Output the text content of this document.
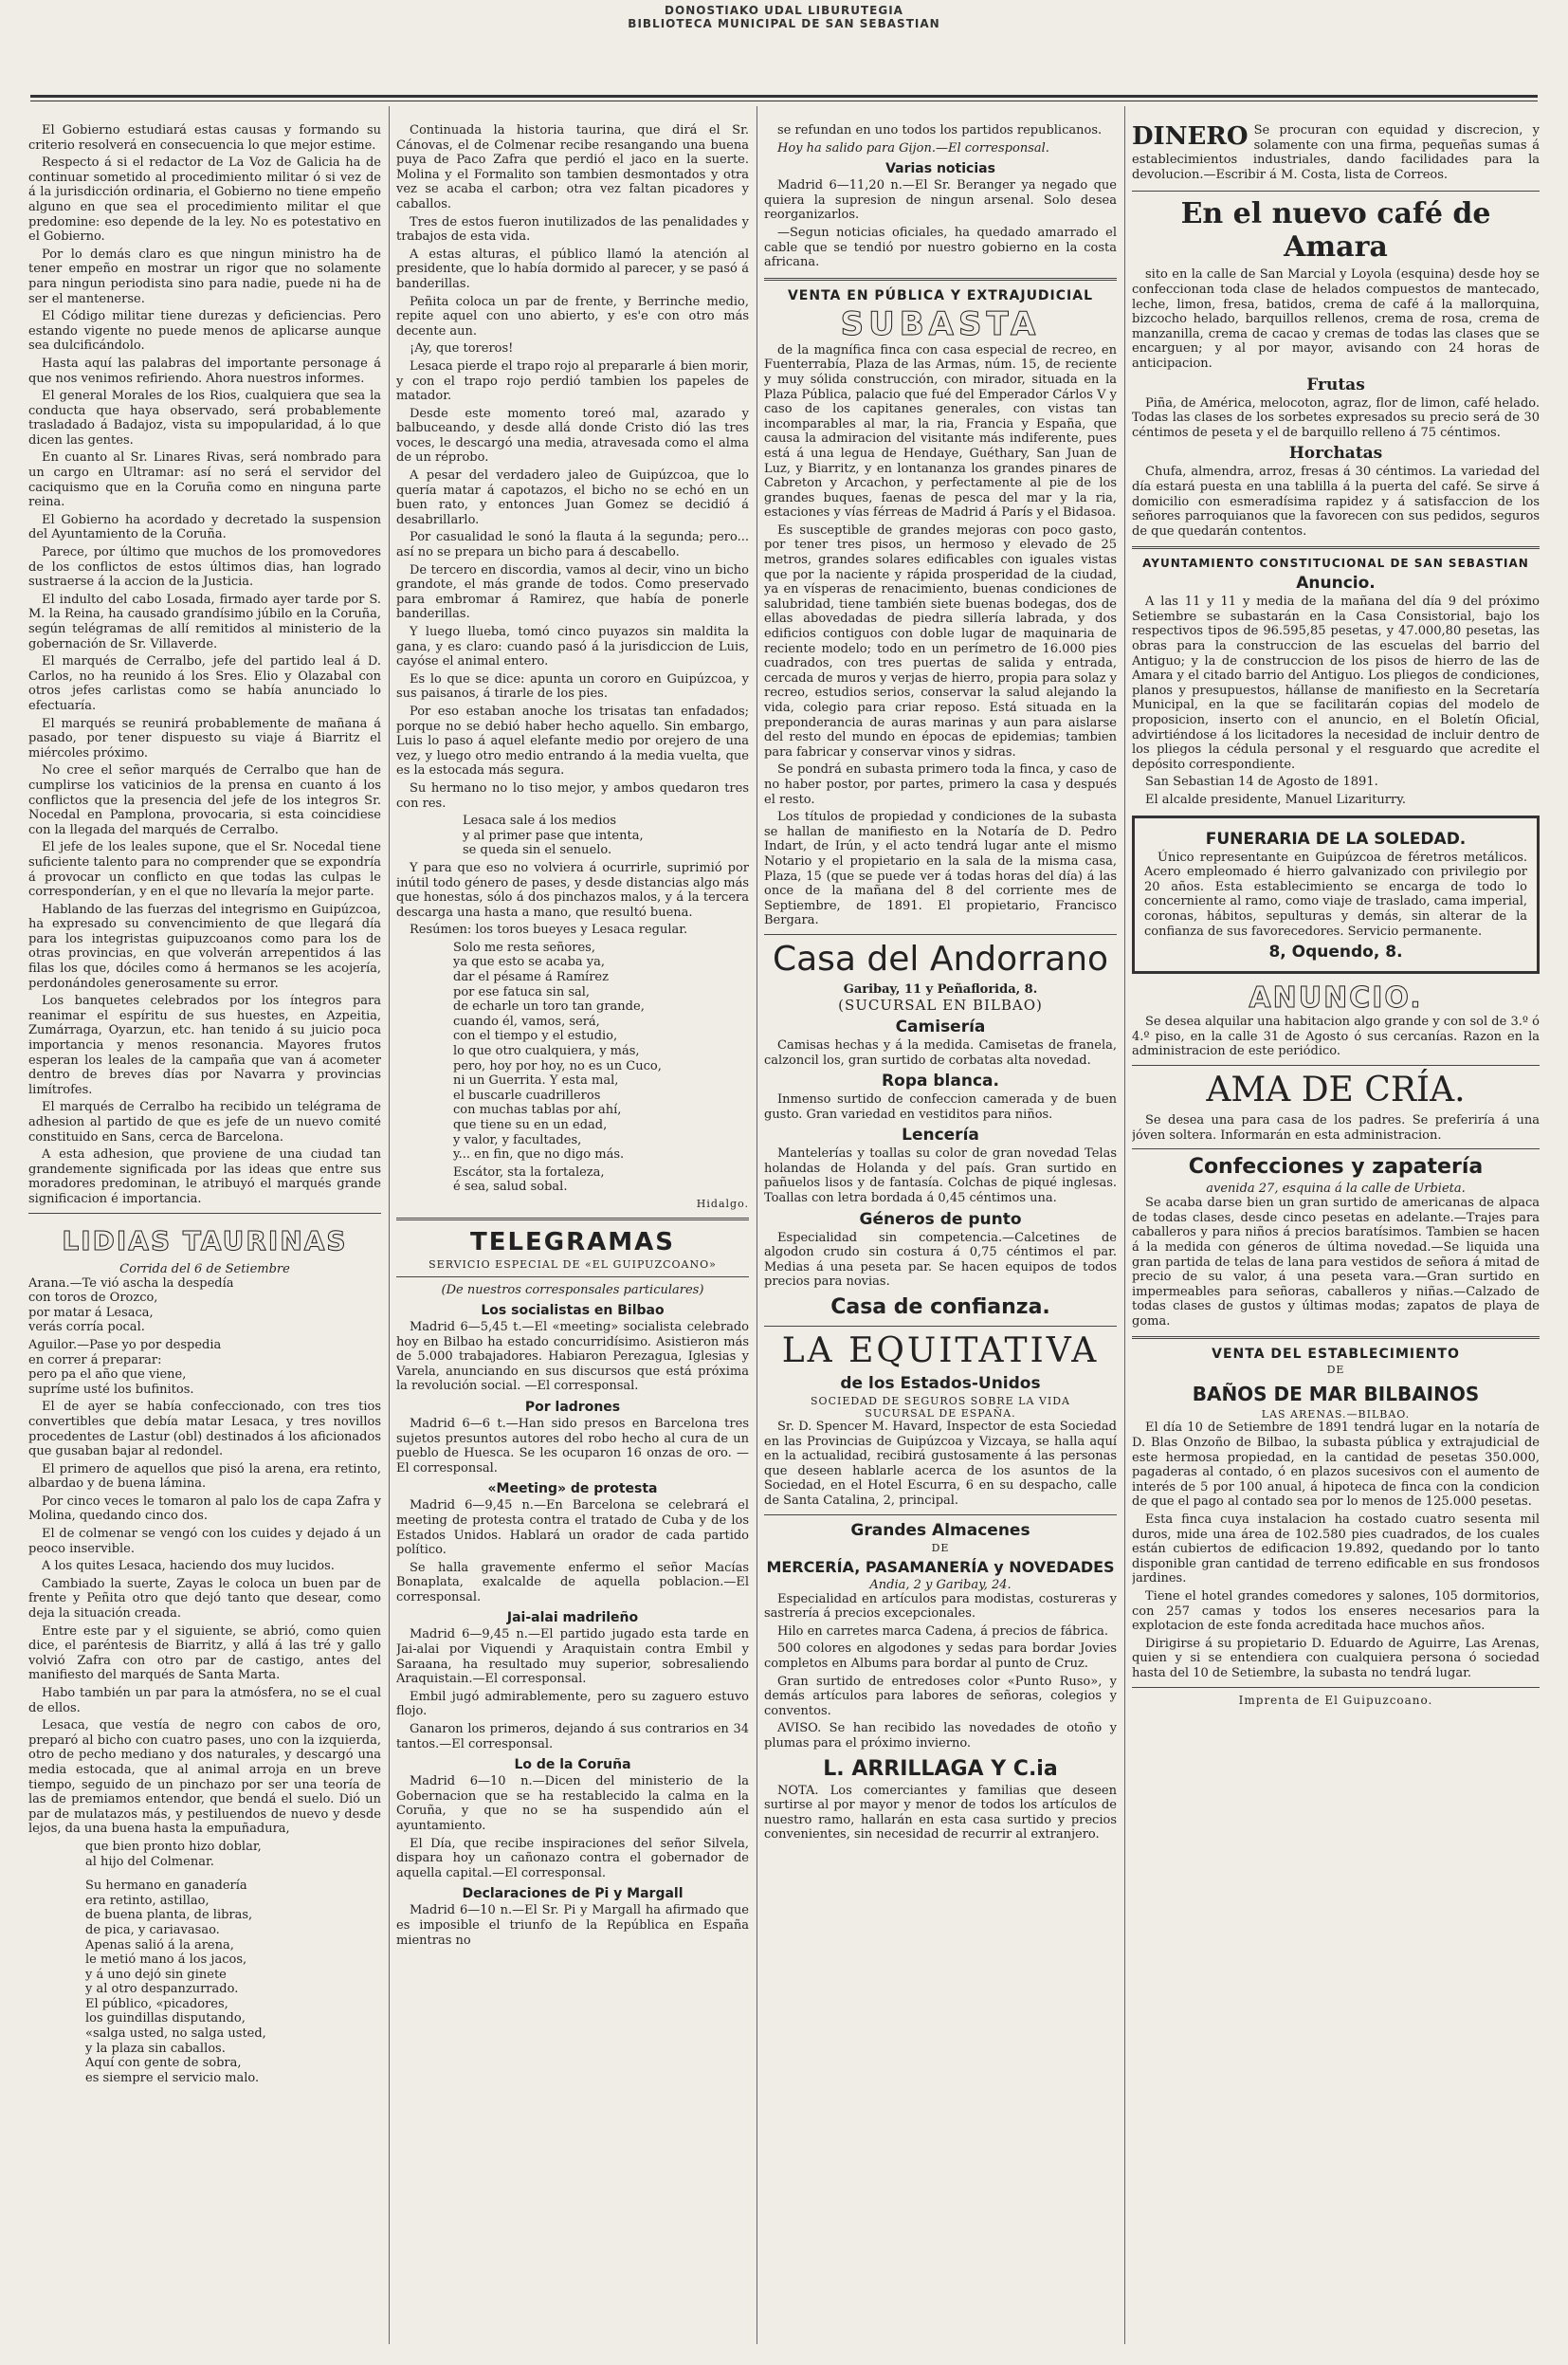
DONOSTIAKO UDAL LIBURUTEGIA
BIBLIOTECA MUNICIPAL DE SAN SEBASTIAN

El Gobierno estudiará estas causas y formando su criterio resolverá en consecuencia lo que mejor estime.

Respecto á si el redactor de La Voz de Galicia ha de continuar sometido al procedimiento militar ó si vez de á la jurisdicción ordinaria, el Gobierno no tiene empeño alguno en que sea el procedimiento militar el que predomine: eso depende de la ley. No es potestativo en el Gobierno.

Por lo demás claro es que ningun ministro ha de tener empeño en mostrar un rigor que no solamente para ningun periodista sino para nadie, puede ni ha de ser el mantenerse.

El Código militar tiene durezas y deficiencias. Pero estando vigente no puede menos de aplicarse aunque sea dulcificándolo.

Hasta aquí las palabras del importante personage á que nos venimos refiriendo. Ahora nuestros informes.

El general Morales de los Rios, cualquiera que sea la conducta que haya observado, será probablemente trasladado á Badajoz, vista su impopularidad, á lo que dicen las gentes.

En cuanto al Sr. Linares Rivas, será nombrado para un cargo en Ultramar: así no será el servidor del caciquismo que en la Coruña como en ninguna parte reina.

El Gobierno ha acordado y decretado la suspension del Ayuntamiento de la Coruña.

Parece, por último que muchos de los promovedores de los conflictos de estos últimos dias, han logrado sustraerse á la accion de la Justicia.

El indulto del cabo Losada, firmado ayer tarde por S. M. la Reina, ha causado grandísimo júbilo en la Coruña, según telégramas de allí remitidos al ministerio de la gobernación de Sr. Villaverde.

El marqués de Cerralbo, jefe del partido leal á D. Carlos, no ha reunido á los Sres. Elio y Olazabal con otros jefes carlistas como se había anunciado lo efectuaría.

El marqués se reunirá probablemente de mañana á pasado, por tener dispuesto su viaje á Biarritz el miércoles próximo.

No cree el señor marqués de Cerralbo que han de cumplirse los vaticinios de la prensa en cuanto á los conflictos que la presencia del jefe de los integros Sr. Nocedal en Pamplona, provocaria, si esta coincidiese con la llegada del marqués de Cerralbo.

El jefe de los leales supone, que el Sr. Nocedal tiene suficiente talento para no comprender que se expondría á provocar un conflicto en que todas las culpas le corresponderían, y en el que no llevaría la mejor parte.

Hablando de las fuerzas del integrismo en Guipúzcoa, ha expresado su convencimiento de que llegará día para los integristas guipuzcoanos como para los de otras provincias, en que volverán arrepentidos á las filas los que, dóciles como á hermanos se les acojería, perdonándoles generosamente su error.

Los banquetes celebrados por los íntegros para reanimar el espíritu de sus huestes, en Azpeitia, Zumárraga, Oyarzun, etc. han tenido á su juicio poca importancia y menos resonancia. Mayores frutos esperan los leales de la campaña que van á acometer dentro de breves días por Navarra y provincias limítrofes.

El marqués de Cerralbo ha recibido un telégrama de adhesion al partido de que es jefe de un nuevo comité constituido en Sans, cerca de Barcelona.

A esta adhesion, que proviene de una ciudad tan grandemente significada por las ideas que entre sus moradores predominan, le atribuyó el marqués grande significacion é importancia.

LIDIAS TAURINAS
Corrida del 6 de Setiembre
Arana.—Te vió ascha la despedía
con toros de Orozco,
por matar á Lesaca,
verás corría pocal.
Aguilor.—Pase yo por despedia
en correr á preparar:
pero pa el año que viene,
supríme usté los bufinitos.

El de ayer se había confeccionado, con tres tios convertibles que debía matar Lesaca, y tres novillos procedentes de Lastur (obl) destinados á los aficionados que gusaban bajar al redondel.

El primero de aquellos que pisó la arena, era retinto, albardao y de buena lámina.

Por cinco veces le tomaron al palo los de capa Zafra y Molina, quedando cinco dos.

El de colmenar se vengó con los cuides y dejado á un peoco inservible.

A los quites Lesaca, haciendo dos muy lucidos.

Cambiado la suerte, Zayas le coloca un buen par de frente y Peñita otro que dejó tanto que desear, como deja la situación creada.

Entre este par y el siguiente, se abrió, como quien dice, el paréntesis de Biarritz, y allá á las tré y gallo volvió Zafra con otro par de castigo, antes del manifiesto del marqués de Santa Marta.

Habo también un par para la atmósfera, no se el cual de ellos.

Lesaca, que vestía de negro con cabos de oro, preparó al bicho con cuatro pases, uno con la izquierda, otro de pecho mediano y dos naturales, y descargó una media estocada, que al animal arroja en un breve tiempo, seguido de un pinchazo por ser una teoría de las de premiamos entendor, que bendá el suelo. Dió un par de mulatazos más, y pestiluendos de nuevo y desde lejos, da una buena hasta la empuñadura,

que bien pronto hizo doblar,
al hijo del Colmenar.
Su hermano en ganadería
era retinto, astillao,
de buena planta, de libras,
de pica, y cariavasao.
Apenas salió á la arena,
le metió mano á los jacos,
y á uno dejó sin ginete
y al otro despanzurrado.
El público, «picadores,
los guindillas disputando,
«salga usted, no salga usted,
y la plaza sin caballos.
Aquí con gente de sobra,
es siempre el servicio malo.

Continuada la historia taurina, que dirá el Sr. Cánovas, el de Colmenar recibe resangando una buena puya de Paco Zafra que perdió el jaco en la suerte. Molina y el Formalito son tambien desmontados y otra vez se acaba el carbon; otra vez faltan picadores y caballos.

Tres de estos fueron inutilizados de las penalidades y trabajos de esta vida.

A estas alturas, el público llamó la atención al presidente, que lo había dormido al parecer, y se pasó á banderillas.

Peñita coloca un par de frente, y Berrinche medio, repite aquel con uno abierto, y es'e con otro más decente aun.

¡Ay, que toreros!

Lesaca pierde el trapo rojo al prepararle á bien morir, y con el trapo rojo perdió tambien los papeles de matador.

Desde este momento toreó mal, azarado y balbuceando, y desde allá donde Cristo dió las tres voces, le descargó una media, atravesada como el alma de un réprobo.

A pesar del verdadero jaleo de Guipúzcoa, que lo quería matar á capotazos, el bicho no se echó en un buen rato, y entonces Juan Gomez se decidió á desabrillarlo.

Por casualidad le sonó la flauta á la segunda; pero... así no se prepara un bicho para á descabello.

De tercero en discordia, vamos al decir, vino un bicho grandote, el más grande de todos. Como preservado para embromar á Ramirez, que había de ponerle banderillas.

Y luego llueba, tomó cinco puyazos sin maldita la gana, y es claro: cuando pasó á la jurisdiccion de Luis, cayóse el animal entero.

Es lo que se dice: apunta un cororo en Guipúzcoa, y sus paisanos, á tirarle de los pies.

Por eso estaban anoche los trisatas tan enfadados; porque no se debió haber hecho aquello. Sin embargo, Luis lo paso á aquel elefante medio por orejero de una vez, y luego otro medio entrando á la media vuelta, que es la estocada más segura.

Su hermano no lo tiso mejor, y ambos quedaron tres con res.

Lesaca sale á los medios
y al primer pase que intenta,
se queda sin el senuelo.

Y para que eso no volviera á ocurrirle, suprimió por inútil todo género de pases, y desde distancias algo más que honestas, sólo á dos pinchazos malos, y á la tercera descarga una hasta a mano, que resultó buena.

Resúmen: los toros bueyes y Lesaca regular.

Solo me resta señores,
ya que esto se acaba ya,
dar el pésame á Ramírez
por ese fatuca sin sal,
de echarle un toro tan grande,
cuando él, vamos, será,
con el tiempo y el estudio,
lo que otro cualquiera, y más,
pero, hoy por hoy, no es un Cuco,
ni un Guerrita. Y esta mal,
el buscarle cuadrilleros
con muchas tablas por ahí,
que tiene su en un edad,
y valor, y facultades,
y... en fin, que no digo más.
Escátor, sta la fortaleza,
é sea, salud sobal.
Hidalgo.
TELEGRAMAS
SERVICIO ESPECIAL DE «EL GUIPUZCOANO»
(De nuestros corresponsales particulares)
Los socialistas en Bilbao

Madrid 6—5,45 t.—El «meeting» socialista celebrado hoy en Bilbao ha estado concurridísimo. Asistieron más de 5.000 trabajadores. Habiaron Perezagua, Iglesias y Varela, anunciando en sus discursos que está próxima la revolución social. —El corresponsal.

Por ladrones

Madrid 6—6 t.—Han sido presos en Barcelona tres sujetos presuntos autores del robo hecho al cura de un pueblo de Huesca. Se les ocuparon 16 onzas de oro. —El corresponsal.

«Meeting» de protesta

Madrid 6—9,45 n.—En Barcelona se celebrará el meeting de protesta contra el tratado de Cuba y de los Estados Unidos. Hablará un orador de cada partido político.

Se halla gravemente enfermo el señor Macías Bonaplata, exalcalde de aquella poblacion.—El corresponsal.

Jai-alai madrileño

Madrid 6—9,45 n.—El partido jugado esta tarde en Jai-alai por Viquendi y Araquistain contra Embil y Saraana, ha resultado muy superior, sobresaliendo Araquistain.—El corresponsal.

Embil jugó admirablemente, pero su zaguero estuvo flojo.

Ganaron los primeros, dejando á sus contrarios en 34 tantos.—El corresponsal.

Lo de la Coruña

Madrid 6—10 n.—Dicen del ministerio de la Gobernacion que se ha restablecido la calma en la Coruña, y que no se ha suspendido aún el ayuntamiento.

El Día, que recibe inspiraciones del señor Silvela, dispara hoy un cañonazo contra el gobernador de aquella capital.—El corresponsal.

Declaraciones de Pi y Margall

Madrid 6—10 n.—El Sr. Pi y Margall ha afirmado que es imposible el triunfo de la República en España mientras no

se refundan en uno todos los partidos republicanos.

Hoy ha salido para Gijon.—El corresponsal.

Varias noticias

Madrid 6—11,20 n.—El Sr. Beranger ya negado que quiera la supresion de ningun arsenal. Solo desea reorganizarlos.

—Segun noticias oficiales, ha quedado amarrado el cable que se tendió por nuestro gobierno en la costa africana.

VENTA EN PÚBLICA Y EXTRAJUDICIAL
SUBASTA

de la magnífica finca con casa especial de recreo, en Fuenterrabía, Plaza de las Armas, núm. 15, de reciente y muy sólida construcción, con mirador, situada en la Plaza Pública, palacio que fué del Emperador Cárlos V y caso de los capitanes generales, con vistas tan incomparables al mar, la ria, Francia y España, que causa la admiracion del visitante más indiferente, pues está á una legua de Hendaye, Guéthary, San Juan de Luz, y Biarritz, y en lontananza los grandes pinares de Cabreton y Arcachon, y perfectamente al pie de los grandes buques, faenas de pesca del mar y la ria, estaciones y vías férreas de Madrid á París y el Bidasoa.

Es susceptible de grandes mejoras con poco gasto, por tener tres pisos, un hermoso y elevado de 25 metros, grandes solares edificables con iguales vistas que por la naciente y rápida prosperidad de la ciudad, ya en vísperas de renacimiento, buenas condiciones de salubridad, tiene también siete buenas bodegas, dos de ellas abovedadas de piedra sillería labrada, y dos edificios contiguos con doble lugar de maquinaria de reciente modelo; todo en un perímetro de 16.000 pies cuadrados, con tres puertas de salida y entrada, cercada de muros y verjas de hierro, propia para solaz y recreo, estudios serios, conservar la salud alejando la vida, colegio para criar reposo. Está situada en la preponderancia de auras marinas y aun para aislarse del resto del mundo en épocas de epidemias; tambien para fabricar y conservar vinos y sidras.

Se pondrá en subasta primero toda la finca, y caso de no haber postor, por partes, primero la casa y después el resto.

Los títulos de propiedad y condiciones de la subasta se hallan de manifiesto en la Notaría de D. Pedro Indart, de Irún, y el acto tendrá lugar ante el mismo Notario y el propietario en la sala de la misma casa, Plaza, 15 (que se puede ver á todas horas del día) á las once de la mañana del 8 del corriente mes de Septiembre, de 1891. El propietario, Francisco Bergara.

Casa del Andorrano
Garibay, 11 y Peñaflorida, 8.
(SUCURSAL EN BILBAO)
Camisería

Camisas hechas y á la medida. Camisetas de franela, calzoncil los, gran surtido de corbatas alta novedad.

Ropa blanca.

Inmenso surtido de confeccion camerada y de buen gusto. Gran variedad en vestiditos para niños.

Lencería

Mantelerías y toallas su color de gran novedad Telas holandas de Holanda y del país. Gran surtido en pañuelos lisos y de fantasía. Colchas de piqué inglesas. Toallas con letra bordada á 0,45 céntimos una.

Géneros de punto

Especialidad sin competencia.—Calcetines de algodon crudo sin costura á 0,75 céntimos el par. Medias á una peseta par. Se hacen equipos de todos precios para novias.

Casa de confianza.
LA EQUITATIVA
de los Estados-Unidos
SOCIEDAD DE SEGUROS SOBRE LA VIDA
SUCURSAL DE ESPAÑA.

Sr. D. Spencer M. Havard, Inspector de esta Sociedad en las Provincias de Guipúzcoa y Vizcaya, se halla aquí en la actualidad, recibirá gustosamente á las personas que deseen hablarle acerca de los asuntos de la Sociedad, en el Hotel Escurra, 6 en su despacho, calle de Santa Catalina, 2, principal.

Grandes Almacenes
DE
MERCERÍA, PASAMANERÍA y NOVEDADES
Andia, 2 y Garibay, 24.

Especialidad en artículos para modistas, costureras y sastrería á precios excepcionales.

Hilo en carretes marca Cadena, á precios de fábrica.

500 colores en algodones y sedas para bordar Jovies completos en Albums para bordar al punto de Cruz.

Gran surtido de entredoses color «Punto Ruso», y demás artículos para labores de señoras, colegios y conventos.

AVISO. Se han recibido las novedades de otoño y plumas para el próximo invierno.

L. ARRILLAGA Y C.ia

NOTA. Los comerciantes y familias que deseen surtirse al por mayor y menor de todos los artículos de nuestro ramo, hallarán en esta casa surtido y precios convenientes, sin necesidad de recurrir al extranjero.

DINERO Se procuran con equidad y discrecion, y solamente con una firma, pequeñas sumas á establecimientos industriales, dando facilidades para la devolucion.—Escribir á M. Costa, lista de Correos.

En el nuevo café de Amara

sito en la calle de San Marcial y Loyola (esquina) desde hoy se confeccionan toda clase de helados compuestos de mantecado, leche, limon, fresa, batidos, crema de café á la mallorquina, bizcocho helado, barquillos rellenos, crema de rosa, crema de manzanilla, crema de cacao y cremas de todas las clases que se encarguen; y al por mayor, avisando con 24 horas de anticipacion.

Frutas

Piña, de América, melocoton, agraz, flor de limon, café helado. Todas las clases de los sorbetes expresados su precio será de 30 céntimos de peseta y el de barquillo relleno á 75 céntimos.

Horchatas

Chufa, almendra, arroz, fresas á 30 céntimos. La variedad del día estará puesta en una tablilla á la puerta del café. Se sirve á domicilio con esmeradísima rapidez y á satisfaccion de los señores parroquianos que la favorecen con sus pedidos, seguros de que quedarán contentos.

AYUNTAMIENTO CONSTITUCIONAL DE SAN SEBASTIAN
Anuncio.

A las 11 y 11 y media de la mañana del día 9 del próximo Setiembre se subastarán en la Casa Consistorial, bajo los respectivos tipos de 96.595,85 pesetas, y 47.000,80 pesetas, las obras para la construccion de las escuelas del barrio del Antiguo; y la de construccion de los pisos de hierro de las de Amara y el citado barrio del Antiguo. Los pliegos de condiciones, planos y presupuestos, hállanse de manifiesto en la Secretaría Municipal, en la que se facilitarán copias del modelo de proposicion, inserto con el anuncio, en el Boletín Oficial, advirtiéndose á los licitadores la necesidad de incluir dentro de los pliegos la cédula personal y el resguardo que acredite el depósito correspondiente.

San Sebastian 14 de Agosto de 1891.

El alcalde presidente, Manuel Lizariturry.

FUNERARIA DE LA SOLEDAD.

Único representante en Guipúzcoa de féretros metálicos. Acero empleomado é hierro galvanizado con privilegio por 20 años. Esta establecimiento se encarga de todo lo concerniente al ramo, como viaje de traslado, cama imperial, coronas, hábitos, sepulturas y demás, sin alterar de la confianza de sus favorecedores. Servicio permanente.

8, Oquendo, 8.
ANUNCIO.

Se desea alquilar una habitacion algo grande y con sol de 3.º ó 4.º piso, en la calle 31 de Agosto ó sus cercanías. Razon en la administracion de este periódico.

AMA DE CRÍA.

Se desea una para casa de los padres. Se preferiría á una jóven soltera. Informarán en esta administracion.

Confecciones y zapatería
avenida 27, esquina á la calle de Urbieta.

Se acaba darse bien un gran surtido de americanas de alpaca de todas clases, desde cinco pesetas en adelante.—Trajes para caballeros y para niños á precios baratísimos. Tambien se hacen á la medida con géneros de última novedad.—Se liquida una gran partida de telas de lana para vestidos de señora á mitad de precio de su valor, á una peseta vara.—Gran surtido en impermeables para señoras, caballeros y niñas.—Calzado de todas clases de gustos y últimas modas; zapatos de playa de goma.

VENTA DEL ESTABLECIMIENTO
DE
BAÑOS DE MAR BILBAINOS
LAS ARENAS.—BILBAO.

El día 10 de Setiembre de 1891 tendrá lugar en la notaría de D. Blas Onzoño de Bilbao, la subasta pública y extrajudicial de este hermosa propiedad, en la cantidad de pesetas 350.000, pagaderas al contado, ó en plazos sucesivos con el aumento de interés de 5 por 100 anual, á hipoteca de finca con la condicion de que el pago al contado sea por lo menos de 125.000 pesetas.

Esta finca cuya instalacion ha costado cuatro sesenta mil duros, mide una área de 102.580 pies cuadrados, de los cuales están cubiertos de edificacion 19.892, quedando por lo tanto disponible gran cantidad de terreno edificable en sus frondosos jardines.

Tiene el hotel grandes comedores y salones, 105 dormitorios, con 257 camas y todos los enseres necesarios para la explotacion de este fonda acreditada hace muchos años.

Dirigirse á su propietario D. Eduardo de Aguirre, Las Arenas, quien y si se entendiera con cualquiera persona ó sociedad hasta del 10 de Setiembre, la subasta no tendrá lugar.

Imprenta de El Guipuzcoano.
